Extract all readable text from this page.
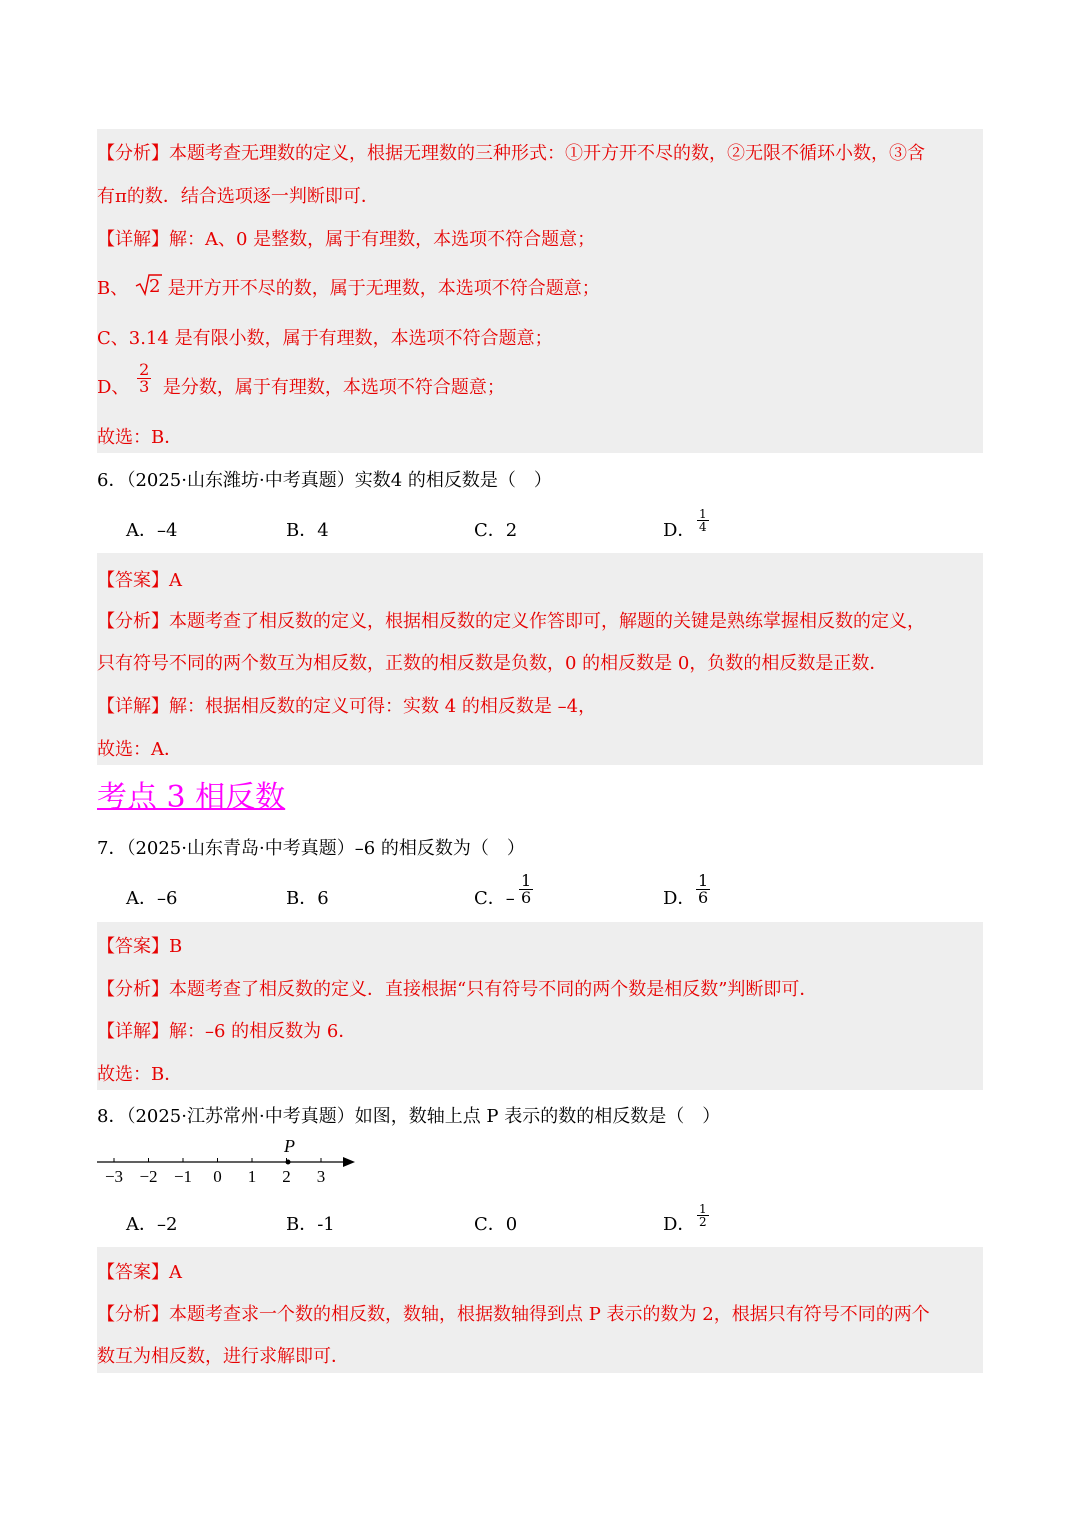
【分析】本题考查无理数的定义，根据无理数的三种形式：①开方开不尽的数，②无限不循环小数，③含
有π的数．结合选项逐一判断即可．
【详解】解：A、0 是整数，属于有理数，本选项不符合题意；
B、 2 是开方开不尽的数，属于无理数，本选项不符合题意；
C、3.14 是有限小数，属于有理数，本选项不符合题意；
D、 $\frac{2}{3}$ 是分数，属于有理数，本选项不符合题意；
故选：B．
6．（2025·山东潍坊·中考真题）实数4 的相反数是（　）
A．–4	B．4	C．2	D． $\frac{1}{4}$
【答案】A
【分析】本题考查了相反数的定义，根据相反数的定义作答即可，解题的关键是熟练掌握相反数的定义，
只有符号不同的两个数互为相反数，正数的相反数是负数，0 的相反数是 0，负数的相反数是正数．
【详解】解：根据相反数的定义可得：实数 4 的相反数是 –4，
故选：A．
考点 3 相反数
7．（2025·山东青岛·中考真题）–6 的相反数为（　）
A．–6	B．6	C．– $\frac{1}{6}$	D． $\frac{1}{6}$
【答案】B
【分析】本题考查了相反数的定义．直接根据“只有符号不同的两个数是相反数”判断即可．
【详解】解：–6 的相反数为 6．
故选：B．
8．（2025·江苏常州·中考真题）如图，数轴上点 P 表示的数的相反数是（　）
−3 −2 −1 0 1 2 3
P
A．–2	B．-1	C．0	D． $\frac{1}{2}$
【答案】A
【分析】本题考查求一个数的相反数，数轴，根据数轴得到点 P 表示的数为 2，根据只有符号不同的两个
数互为相反数，进行求解即可．
